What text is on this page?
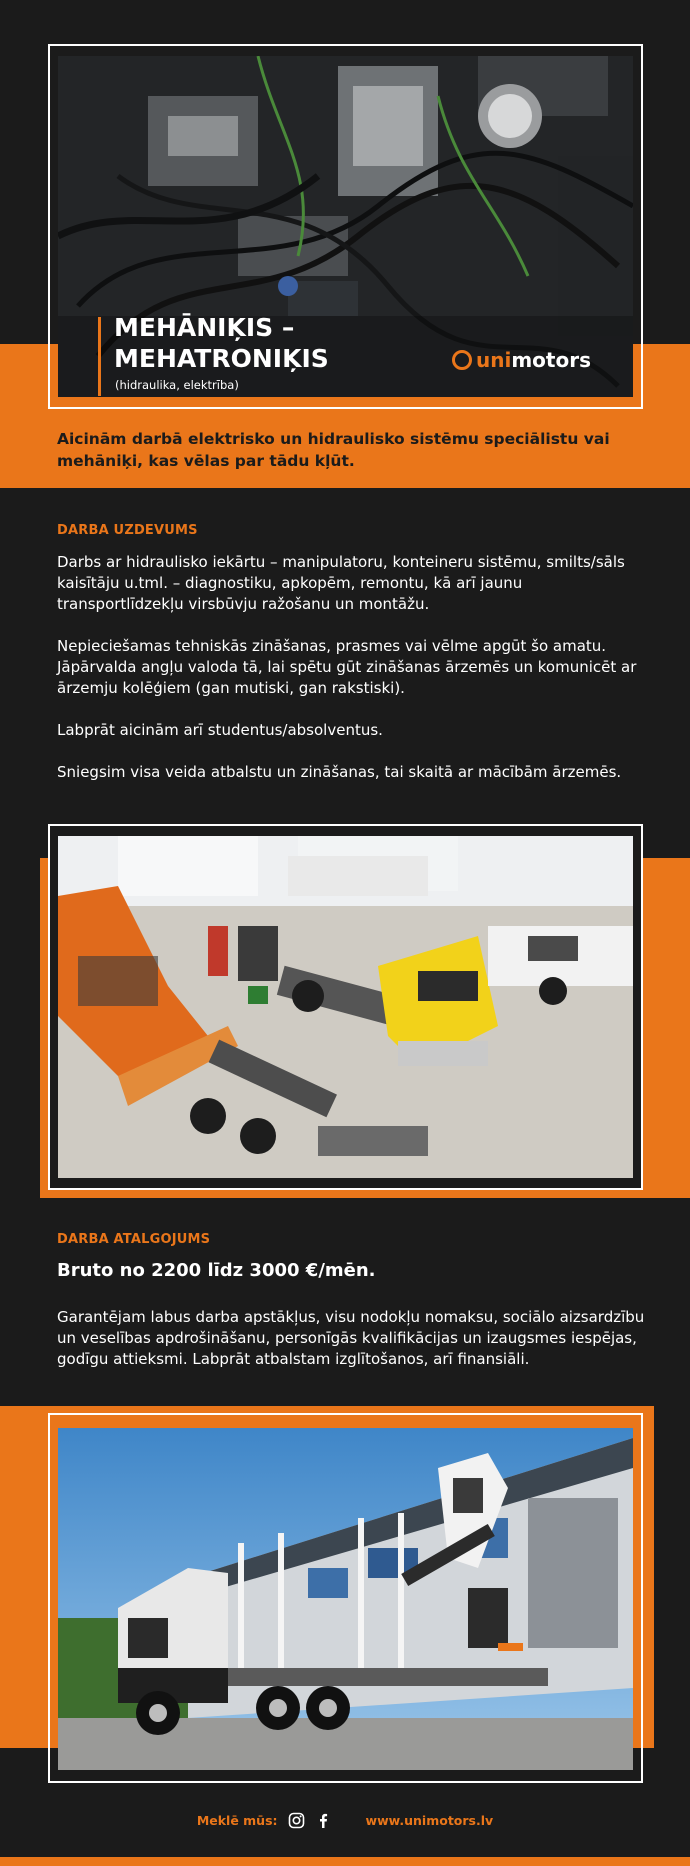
MEHĀNIĶIS –
MEHATRONIĶIS
(hidraulika, elektrība)
unimotors
Aicinām darbā elektrisko un hidraulisko sistēmu speciālistu vai mehāniķi, kas vēlas par tādu kļūt.
DARBA UZDEVUMS
Darbs ar hidraulisko iekārtu – manipulatoru, konteineru sistēmu, smilts/sāls kaisītāju u.tml. – diagnostiku, apkopēm, remontu, kā arī jaunu transportlīdzekļu virsbūvju ražošanu un montāžu.
Nepieciešamas tehniskās zināšanas, prasmes vai vēlme apgūt šo amatu. Jāpārvalda angļu valoda tā, lai spētu gūt zināšanas ārzemēs un komunicēt ar ārzemju kolēģiem (gan mutiski, gan rakstiski).
Labprāt aicinām arī studentus/absolventus.
Sniegsim visa veida atbalstu un zināšanas, tai skaitā ar mācībām ārzemēs.
DARBA ATALGOJUMS
Bruto no 2200 līdz 3000 €/mēn.
Garantējam labus darba apstākļus, visu nodokļu nomaksu, sociālo aizsardzību un veselības apdrošināšanu, personīgās kvalifikācijas un izaugsmes iespējas, godīgu attieksmi. Labprāt atbalstam izglītošanos, arī finansiāli.
Meklē mūs:	www.unimotors.lv
